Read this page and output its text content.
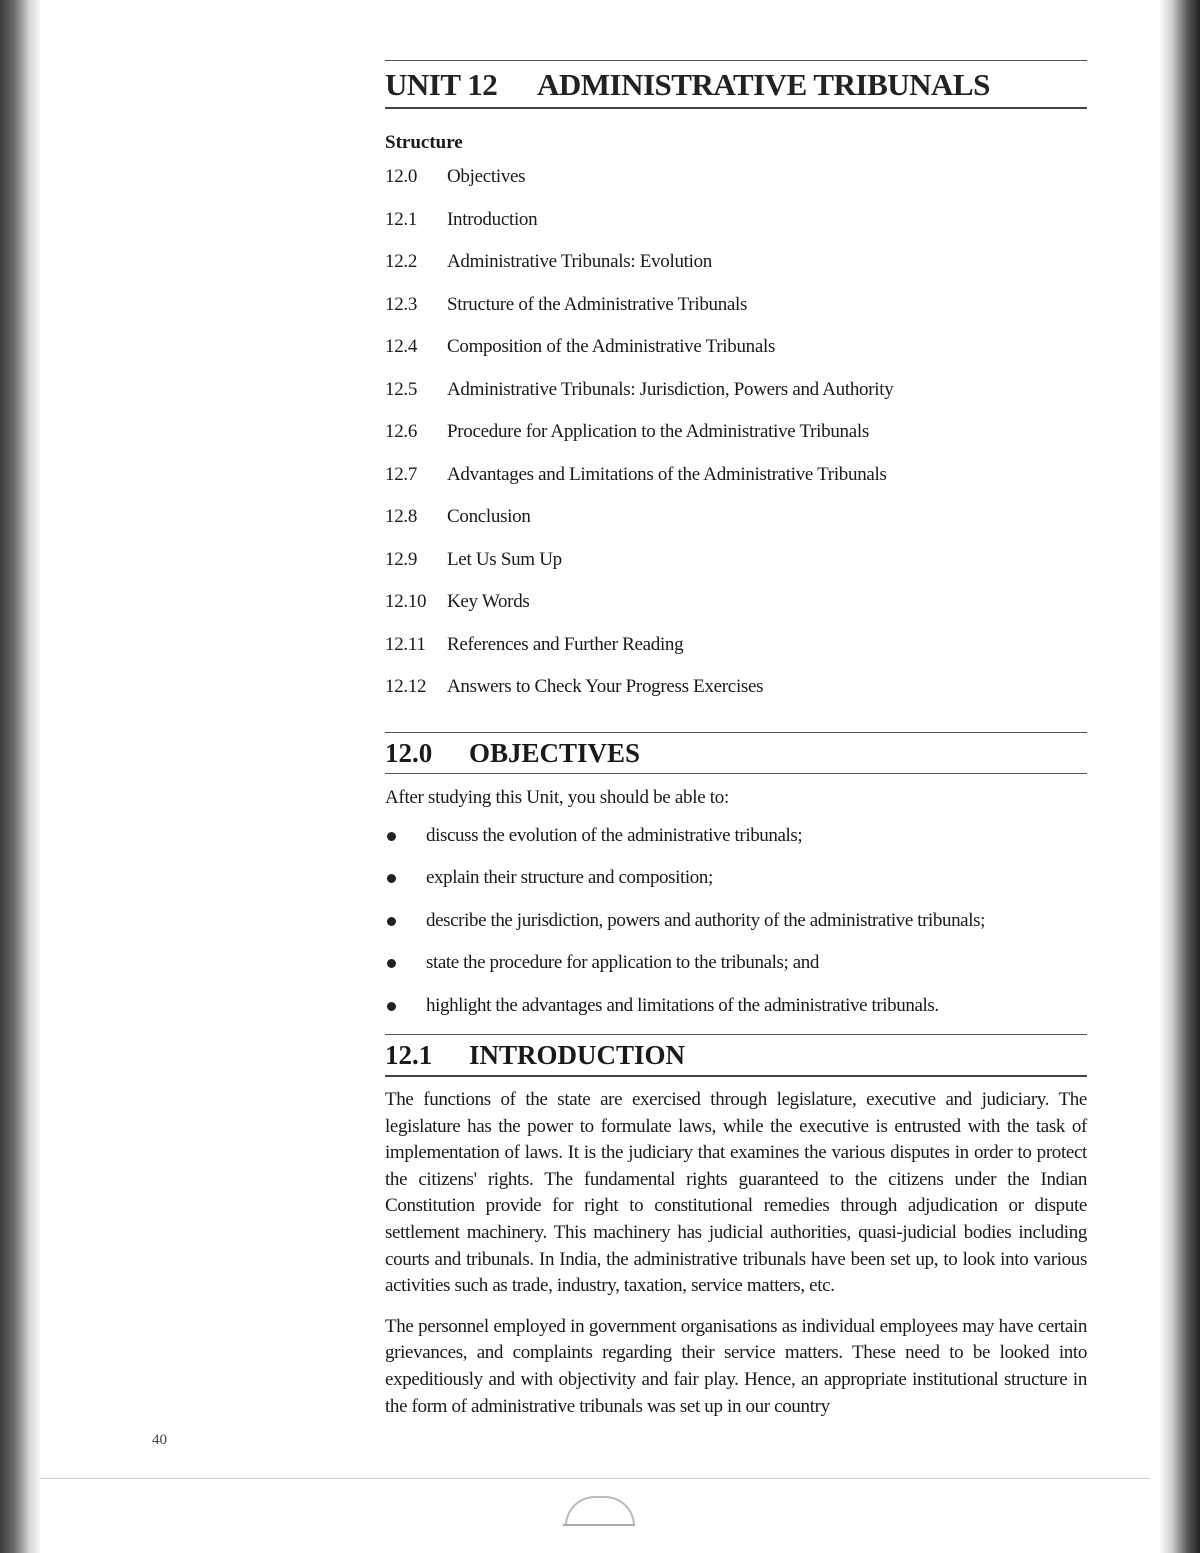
UNIT 12 ADMINISTRATIVE TRIBUNALS
Structure
12.0 Objectives
12.1 Introduction
12.2 Administrative Tribunals: Evolution
12.3 Structure of the Administrative Tribunals
12.4 Composition of the Administrative Tribunals
12.5 Administrative Tribunals: Jurisdiction, Powers and Authority
12.6 Procedure for Application to the Administrative Tribunals
12.7 Advantages and Limitations of the Administrative Tribunals
12.8 Conclusion
12.9 Let Us Sum Up
12.10 Key Words
12.11 References and Further Reading
12.12 Answers to Check Your Progress Exercises
12.0 OBJECTIVES

After studying this Unit, you should be able to:

discuss the evolution of the administrative tribunals;
explain their structure and composition;
describe the jurisdiction, powers and authority of the administrative tribunals;
state the procedure for application to the tribunals; and
highlight the advantages and limitations of the administrative tribunals.
12.1 INTRODUCTION

The functions of the state are exercised through legislature, executive and judiciary. The legislature has the power to formulate laws, while the executive is entrusted with the task of implementation of laws. It is the judiciary that examines the various disputes in order to protect the citizens' rights. The fundamental rights guaranteed to the citizens under the Indian Constitution provide for right to constitutional remedies through adjudication or dispute settlement machinery. This machinery has judicial authorities, quasi-judicial bodies including courts and tribunals. In India, the administrative tribunals have been set up, to look into various activities such as trade, industry, taxation, service matters, etc.

The personnel employed in government organisations as individual employees may have certain grievances, and complaints regarding their service matters. These need to be looked into expeditiously and with objectivity and fair play. Hence, an appropriate institutional structure in the form of administrative tribunals was set up in our country

40
